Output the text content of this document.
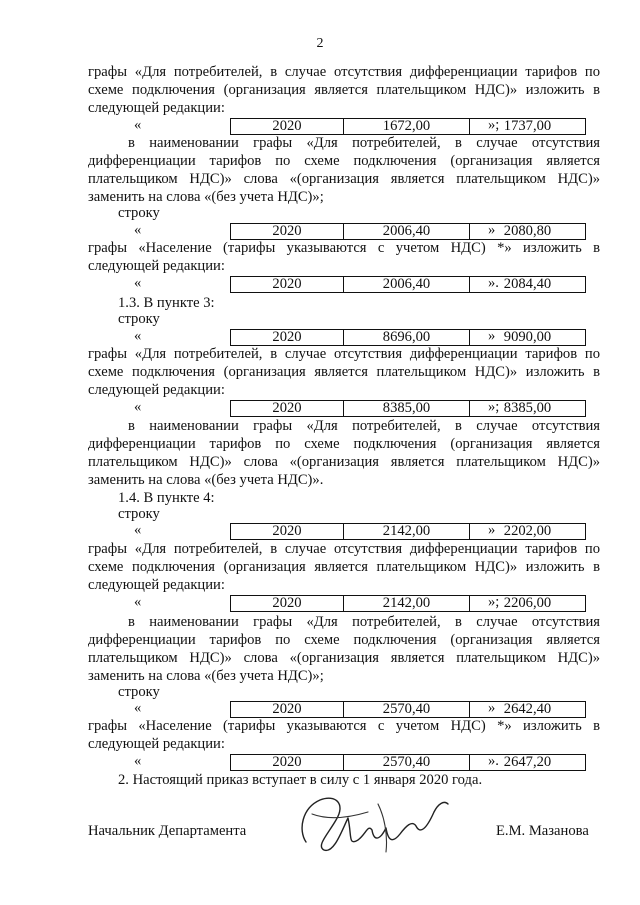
2
графы «Для потребителей, в случае отсутствия дифференциации тарифов по
схеме подключения (организация является плательщиком НДС)» изложить в
следующей редакции:
«	2020	1672,00	1737,00
»;
в наименовании графы «Для потребителей, в случае отсутствия
дифференциации тарифов по схеме подключения (организация является
плательщиком НДС)» слова «(организация является плательщиком НДС)»
заменить на слова «(без учета НДС)»;
строку
«	2020	2006,40	2080,80
»
графы «Население (тарифы указываются с учетом НДС) *» изложить в
следующей редакции:
«	2020	2006,40	2084,40
».
1.3. В пункте 3:
строку
«	2020	8696,00	9090,00
»
графы «Для потребителей, в случае отсутствия дифференциации тарифов по
схеме подключения (организация является плательщиком НДС)» изложить в
следующей редакции:
«	2020	8385,00	8385,00
»;
в наименовании графы «Для потребителей, в случае отсутствия
дифференциации тарифов по схеме подключения (организация является
плательщиком НДС)» слова «(организация является плательщиком НДС)»
заменить на слова «(без учета НДС)».
1.4. В пункте 4:
строку
«	2020	2142,00	2202,00
»
графы «Для потребителей, в случае отсутствия дифференциации тарифов по
схеме подключения (организация является плательщиком НДС)» изложить в
следующей редакции:
«	2020	2142,00	2206,00
»;
в наименовании графы «Для потребителей, в случае отсутствия
дифференциации тарифов по схеме подключения (организация является
плательщиком НДС)» слова «(организация является плательщиком НДС)»
заменить на слова «(без учета НДС)»;
строку
«	2020	2570,40	2642,40
»
графы «Население (тарифы указываются с учетом НДС) *» изложить в
следующей редакции:
«	2020	2570,40	2647,20
».
2. Настоящий приказ вступает в силу с 1 января 2020 года.
Начальник Департамента	Е.М. Мазанова
